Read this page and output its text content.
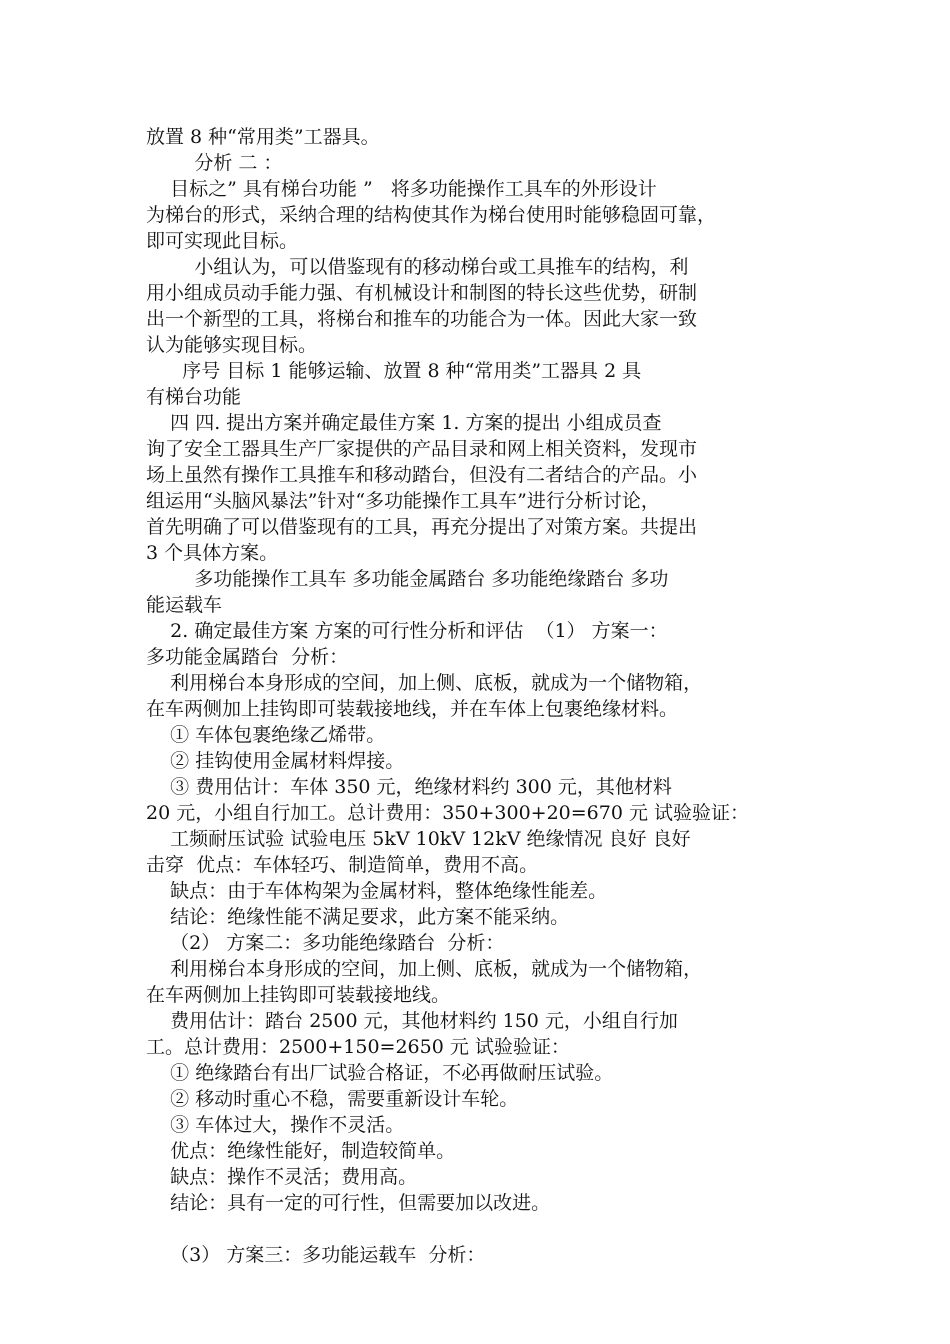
放置 8 种“常用类”工器具。
分析 二 ：
目标之” 具有梯台功能 ”   将多功能操作工具车的外形设计
为梯台的形式，采纳合理的结构使其作为梯台使用时能够稳固可靠，
即可实现此目标。
小组认为，可以借鉴现有的移动梯台或工具推车的结构，利
用小组成员动手能力强、有机械设计和制图的特长这些优势，研制
出一个新型的工具，将梯台和推车的功能合为一体。因此大家一致
认为能够实现目标。
序号 目标 1 能够运输、放置 8 种“常用类”工器具 2 具
有梯台功能
四 四. 提出方案并确定最佳方案 1. 方案的提出 小组成员查
询了安全工器具生产厂家提供的产品目录和网上相关资料，发现市
场上虽然有操作工具推车和移动踏台，但没有二者结合的产品。小
组运用“头脑风暴法”针对“多功能操作工具车”进行分析讨论，
首先明确了可以借鉴现有的工具，再充分提出了对策方案。共提出
3 个具体方案。
多功能操作工具车 多功能金属踏台 多功能绝缘踏台 多功
能运载车
2. 确定最佳方案 方案的可行性分析和评估  （1） 方案一：
多功能金属踏台  分析：
利用梯台本身形成的空间，加上侧、底板，就成为一个储物箱，
在车两侧加上挂钩即可装载接地线，并在车体上包裹绝缘材料。
① 车体包裹绝缘乙烯带。
② 挂钩使用金属材料焊接。
③ 费用估计：车体 350 元，绝缘材料约 300 元，其他材料
20 元，小组自行加工。总计费用：350+300+20=670 元 试验验证：
工频耐压试验 试验电压 5kV 10kV 12kV 绝缘情况 良好 良好
击穿  优点：车体轻巧、制造简单，费用不高。
缺点：由于车体构架为金属材料，整体绝缘性能差。
结论：绝缘性能不满足要求，此方案不能采纳。
（2） 方案二：多功能绝缘踏台  分析：
利用梯台本身形成的空间，加上侧、底板，就成为一个储物箱，
在车两侧加上挂钩即可装载接地线。
费用估计：踏台 2500 元，其他材料约 150 元，小组自行加
工。总计费用：2500+150=2650 元 试验验证：
① 绝缘踏台有出厂试验合格证，不必再做耐压试验。
② 移动时重心不稳，需要重新设计车轮。
③ 车体过大，操作不灵活。
优点：绝缘性能好，制造较简单。
缺点：操作不灵活；费用高。
结论：具有一定的可行性，但需要加以改进。

（3） 方案三：多功能运载车  分析：
